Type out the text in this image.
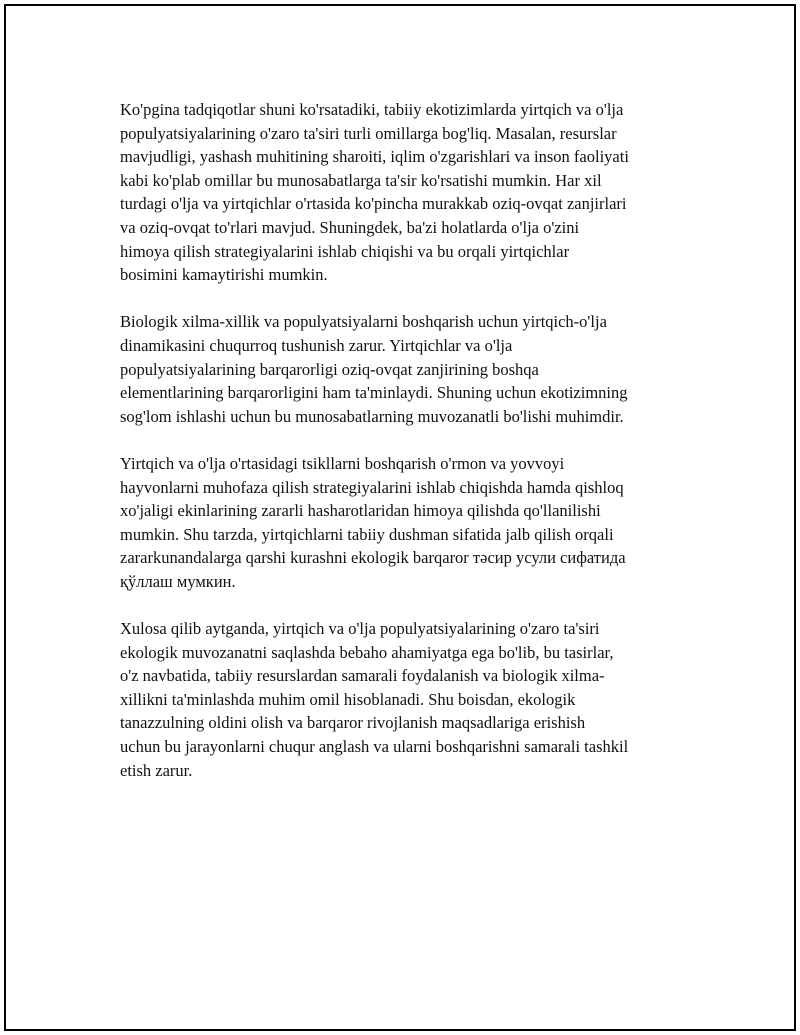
Ko'pgina tadqiqotlar shuni ko'rsatadiki, tabiiy ekotizimlarda yirtqich va o'lja
populyatsiyalarining o'zaro ta'siri turli omillarga bog'liq. Masalan, resurslar
mavjudligi, yashash muhitining sharoiti, iqlim o'zgarishlari va inson faoliyati
kabi ko'plab omillar bu munosabatlarga ta'sir ko'rsatishi mumkin. Har xil
turdagi o'lja va yirtqichlar o'rtasida ko'pincha murakkab oziq-ovqat zanjirlari
va oziq-ovqat to'rlari mavjud. Shuningdek, ba'zi holatlarda o'lja o'zini
himoya qilish strategiyalarini ishlab chiqishi va bu orqali yirtqichlar
bosimini kamaytirishi mumkin.

Biologik xilma-xillik va populyatsiyalarni boshqarish uchun yirtqich-o'lja
dinamikasini chuqurroq tushunish zarur. Yirtqichlar va o'lja
populyatsiyalarining barqarorligi oziq-ovqat zanjirining boshqa
elementlarining barqarorligini ham ta'minlaydi. Shuning uchun ekotizimning
sog'lom ishlashi uchun bu munosabatlarning muvozanatli bo'lishi muhimdir.

Yirtqich va o'lja o'rtasidagi tsikllarni boshqarish o'rmon va yovvoyi
hayvonlarni muhofaza qilish strategiyalarini ishlab chiqishda hamda qishloq
xo'jaligi ekinlarining zararli hasharotlaridan himoya qilishda qo'llanilishi
mumkin. Shu tarzda, yirtqichlarni tabiiy dushman sifatida jalb qilish orqali
zararkunandalarga qarshi kurashni ekologik barqaror тәсир усули сифатида
қўллаш мумкин.

Xulosa qilib aytganda, yirtqich va o'lja populyatsiyalarining o'zaro ta'siri
ekologik muvozanatni saqlashda bebaho ahamiyatga ega bo'lib, bu tasirlar,
o'z navbatida, tabiiy resurslardan samarali foydalanish va biologik xilma-
xillikni ta'minlashda muhim omil hisoblanadi. Shu boisdan, ekologik
tanazzulning oldini olish va barqaror rivojlanish maqsadlariga erishish
uchun bu jarayonlarni chuqur anglash va ularni boshqarishni samarali tashkil
etish zarur.
